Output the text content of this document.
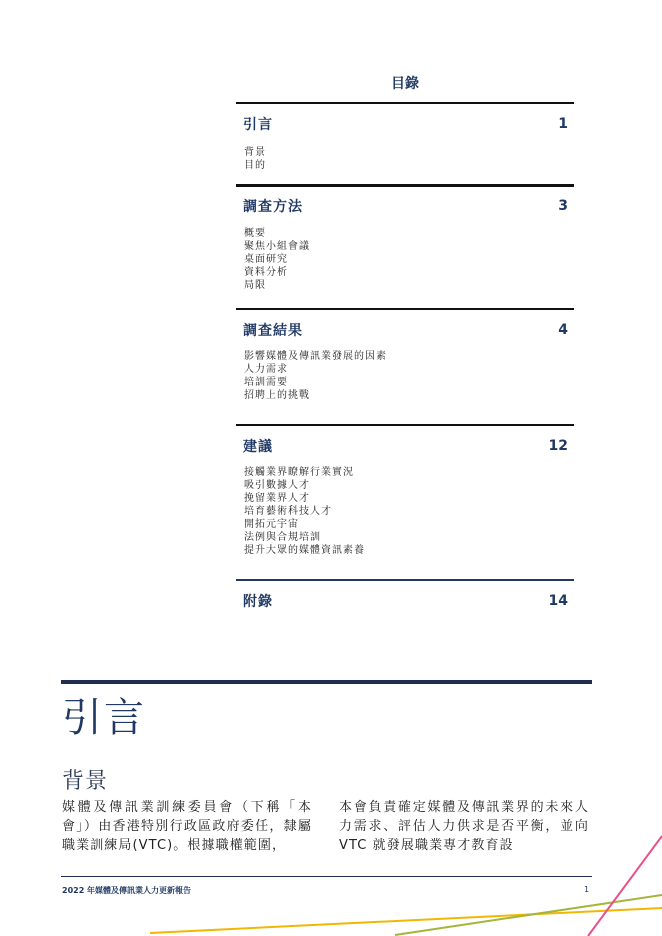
目錄
引言	1
背景
目的
調查方法	3
概要
聚焦小組會議
桌面研究
資料分析
局限
調查結果	4
影響媒體及傳訊業發展的因素
人力需求
培訓需要
招聘上的挑戰
建議	12
接觸業界瞭解行業實況
吸引數據人才
挽留業界人才
培育藝術科技人才
開拓元宇宙
法例與合規培訓
提升大眾的媒體資訊素養
附錄	14
引言
背景
媒體及傳訊業訓練委員會（下稱「本會」）由香港特別行政區政府委任，隸屬職業訓練局(VTC)。根據職權範圍，
本會負責確定媒體及傳訊業界的未來人力需求、評估人力供求是否平衡，並向 VTC 就發展職業專才教育設
2022 年媒體及傳訊業人力更新報告	1
